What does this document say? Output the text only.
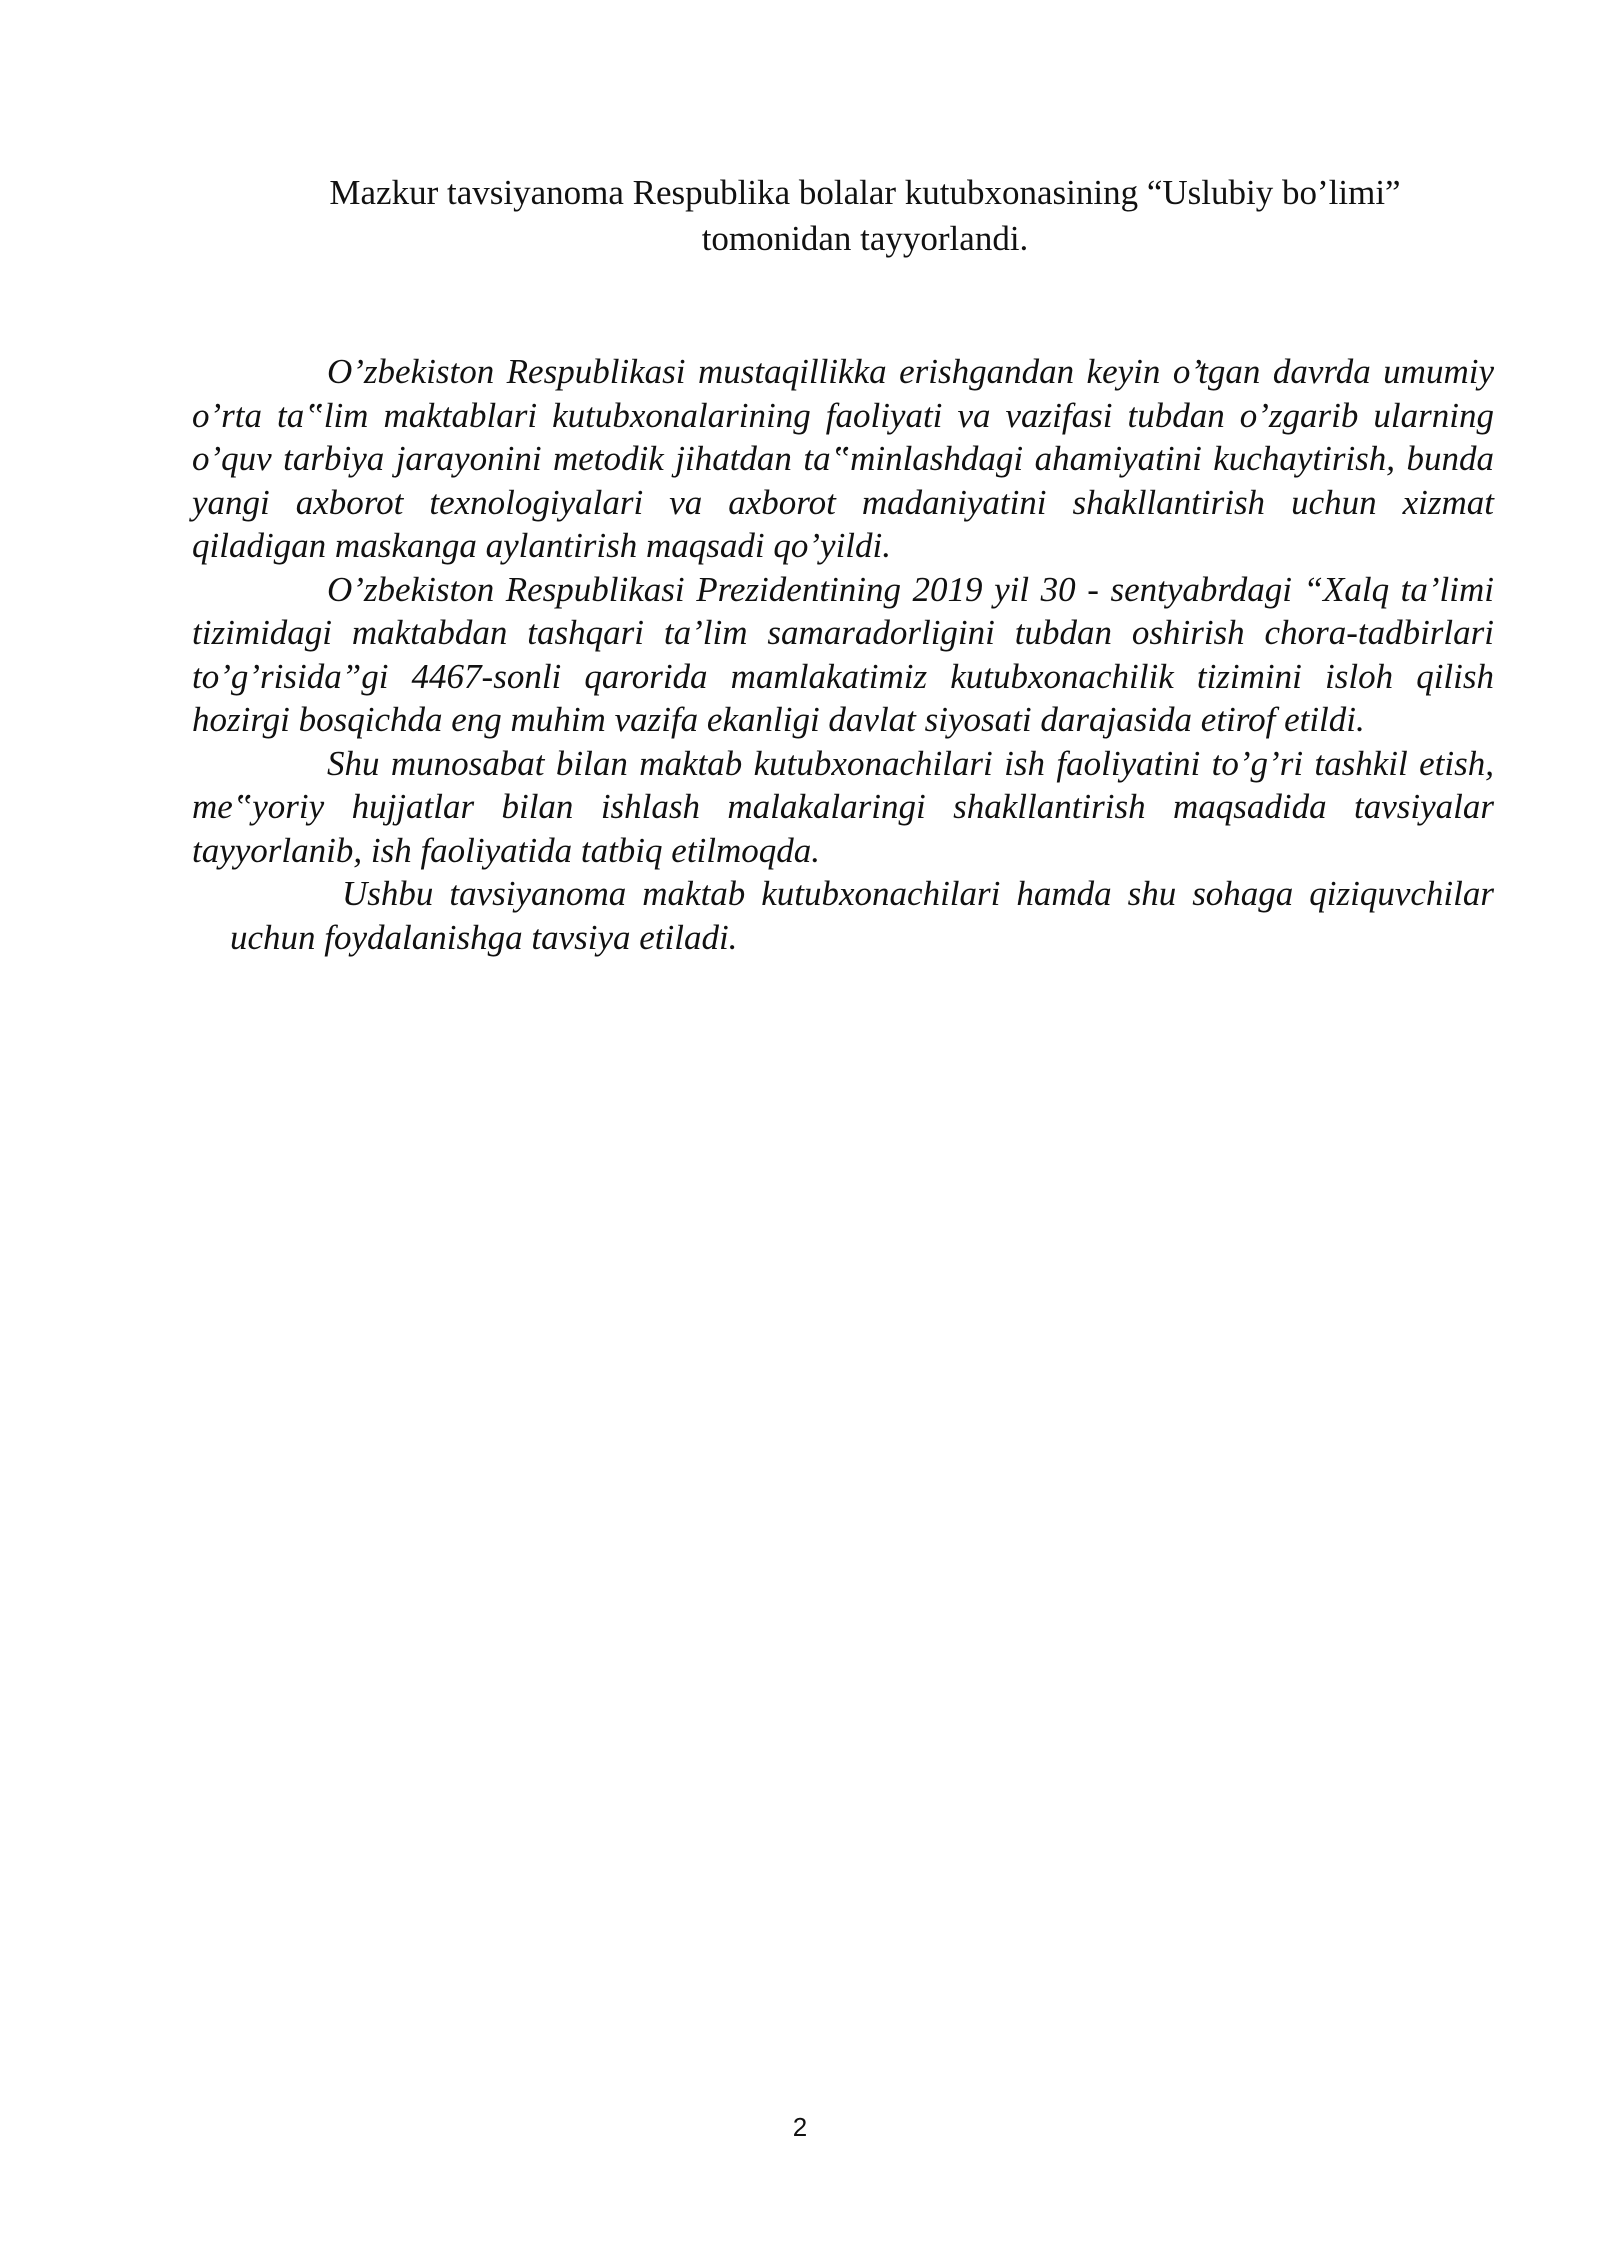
Mazkur tavsiyanoma Respublika bolalar kutubxonasining “Uslubiy bo’limi”
tomonidan tayyorlandi.

O’zbekiston Respublikasi mustaqillikka erishgandan keyin o’tgan davrda umumiy o’rta ta‟lim maktablari kutubxonalarining faoliyati va vazifasi tubdan o’zgarib ularning o’quv tarbiya jarayonini metodik jihatdan ta‟minlashdagi ahamiyatini kuchaytirish, bunda yangi axborot texnologiyalari va axborot madaniyatini shakllantirish uchun xizmat qiladigan maskanga aylantirish maqsadi qo’yildi.

O’zbekiston Respublikasi Prezidentining 2019 yil 30 - sentyabrdagi “Xalq ta’limi tizimidagi maktabdan tashqari ta’lim samaradorligini tubdan oshirish chora-tadbirlari to’g’risida”gi 4467-sonli qarorida mamlakatimiz kutubxonachilik tizimini isloh qilish hozirgi bosqichda eng muhim vazifa ekanligi davlat siyosati darajasida etirof etildi.

Shu munosabat bilan maktab kutubxonachilari ish faoliyatini to’g’ri tashkil etish, me‟yoriy hujjatlar bilan ishlash malakalaringi shakllantirish maqsadida tavsiyalar tayyorlanib, ish faoliyatida tatbiq etilmoqda.

Ushbu tavsiyanoma maktab kutubxonachilari hamda shu sohaga qiziquvchilar uchun foydalanishga tavsiya etiladi.

2
